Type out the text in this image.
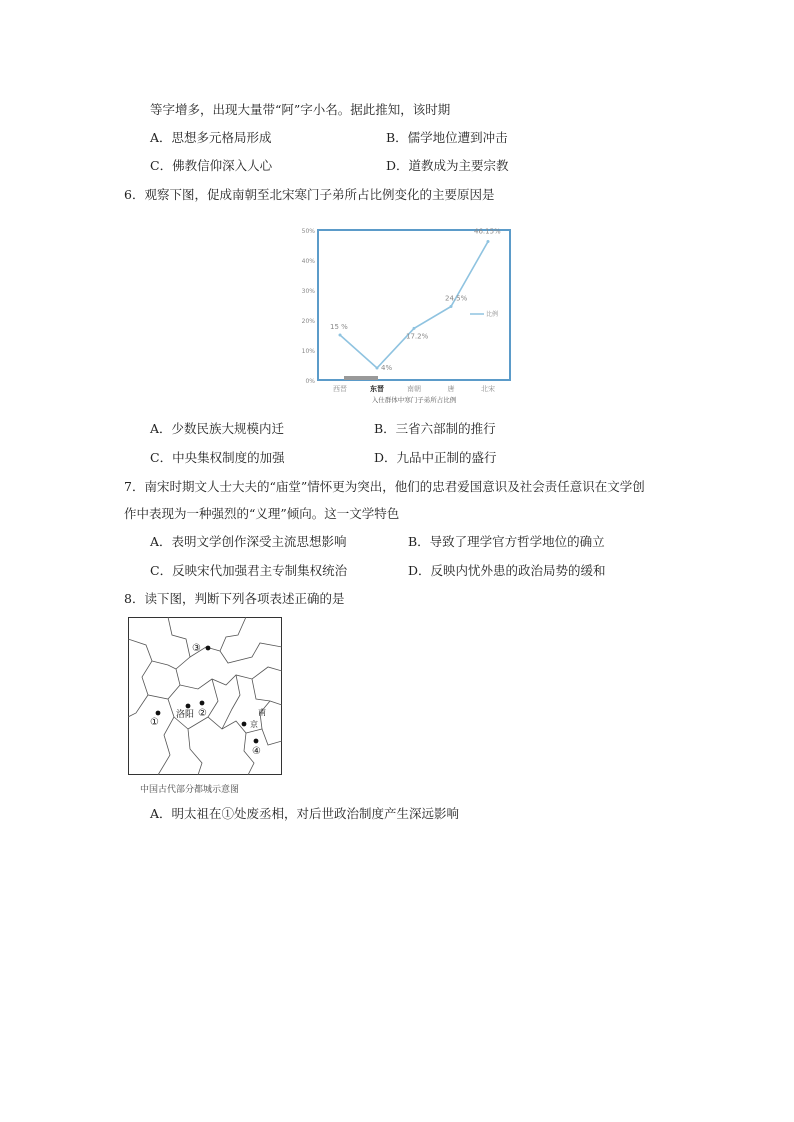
等字增多，出现大量带“阿”字小名。据此推知，该时期
A．思想多元格局形成	B．儒学地位遭到冲击
C．佛教信仰深入人心	D．道教成为主要宗教
6．观察下图，促成南朝至北宋寒门子弟所占比例变化的主要原因是
0%
10%
20%
30%
40%
50%
西晋	东晋	南朝	唐	北宋
15 %
4%
17.2%
24.5%
46.15%
比例
入仕群体中寒门子弟所占比例
A．少数民族大规模内迁	B．三省六部制的推行
C．中央集权制度的加强	D．九品中正制的盛行
7．南宋时期文人士大夫的“庙堂”情怀更为突出，他们的忠君爱国意识及社会责任意识在文学创
作中表现为一种强烈的“义理”倾向。这一文学特色
A．表明文学创作深受主流思想影响	B．导致了理学官方哲学地位的确立
C．反映宋代加强君主专制集权统治	D．反映内忧外患的政治局势的缓和
8．读下图，判断下列各项表述正确的是
③
洛阳 ②
①
南
京
④
中国古代部分都城示意图
A．明太祖在①处废丞相，对后世政治制度产生深远影响
